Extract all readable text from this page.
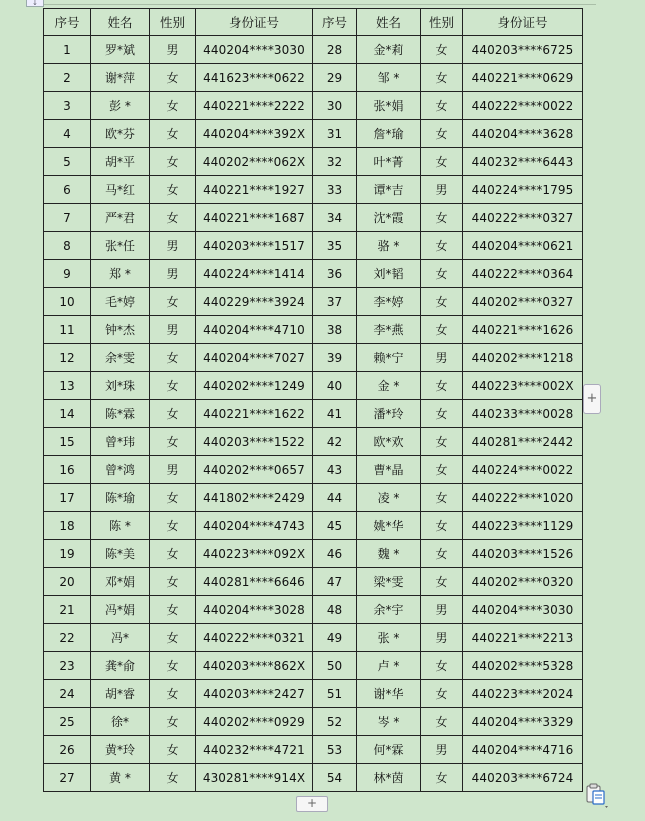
↓
序号	姓名	性别	身份证号	序号	姓名	性别	身份证号
1	罗*斌	男	440204****3030	28	金*莉	女	440203****6725
2	谢*萍	女	441623****0622	29	邹 *	女	440221****0629
3	彭 *	女	440221****2222	30	张*娟	女	440222****0022
4	欧*芬	女	440204****392X	31	詹*瑜	女	440204****3628
5	胡*平	女	440202****062X	32	叶*菁	女	440232****6443
6	马*红	女	440221****1927	33	谭*吉	男	440224****1795
7	严*君	女	440221****1687	34	沈*霞	女	440222****0327
8	张*任	男	440203****1517	35	骆 *	女	440204****0621
9	郑 *	男	440224****1414	36	刘*韬	女	440222****0364
10	毛*婷	女	440229****3924	37	李*婷	女	440202****0327
11	钟*杰	男	440204****4710	38	李*燕	女	440221****1626
12	余*雯	女	440204****7027	39	赖*宁	男	440202****1218
13	刘*珠	女	440202****1249	40	金 *	女	440223****002X
14	陈*霖	女	440221****1622	41	潘*玲	女	440233****0028
15	曾*玮	女	440203****1522	42	欧*欢	女	440281****2442
16	曾*鸿	男	440202****0657	43	曹*晶	女	440224****0022
17	陈*瑜	女	441802****2429	44	凌 *	女	440222****1020
18	陈 *	女	440204****4743	45	姚*华	女	440223****1129
19	陈*美	女	440223****092X	46	魏 *	女	440203****1526
20	邓*娟	女	440281****6646	47	梁*雯	女	440202****0320
21	冯*娟	女	440204****3028	48	余*宇	男	440204****3030
22	冯*	女	440222****0321	49	张 *	男	440221****2213
23	龚*俞	女	440203****862X	50	卢 *	女	440202****5328
24	胡*睿	女	440203****2427	51	谢*华	女	440223****2024
25	徐*	女	440202****0929	52	岑 *	女	440204****3329
26	黄*玲	女	440232****4721	53	何*霖	男	440204****4716
27	黄 *	女	430281****914X	54	林*茵	女	440203****6724
+
+
